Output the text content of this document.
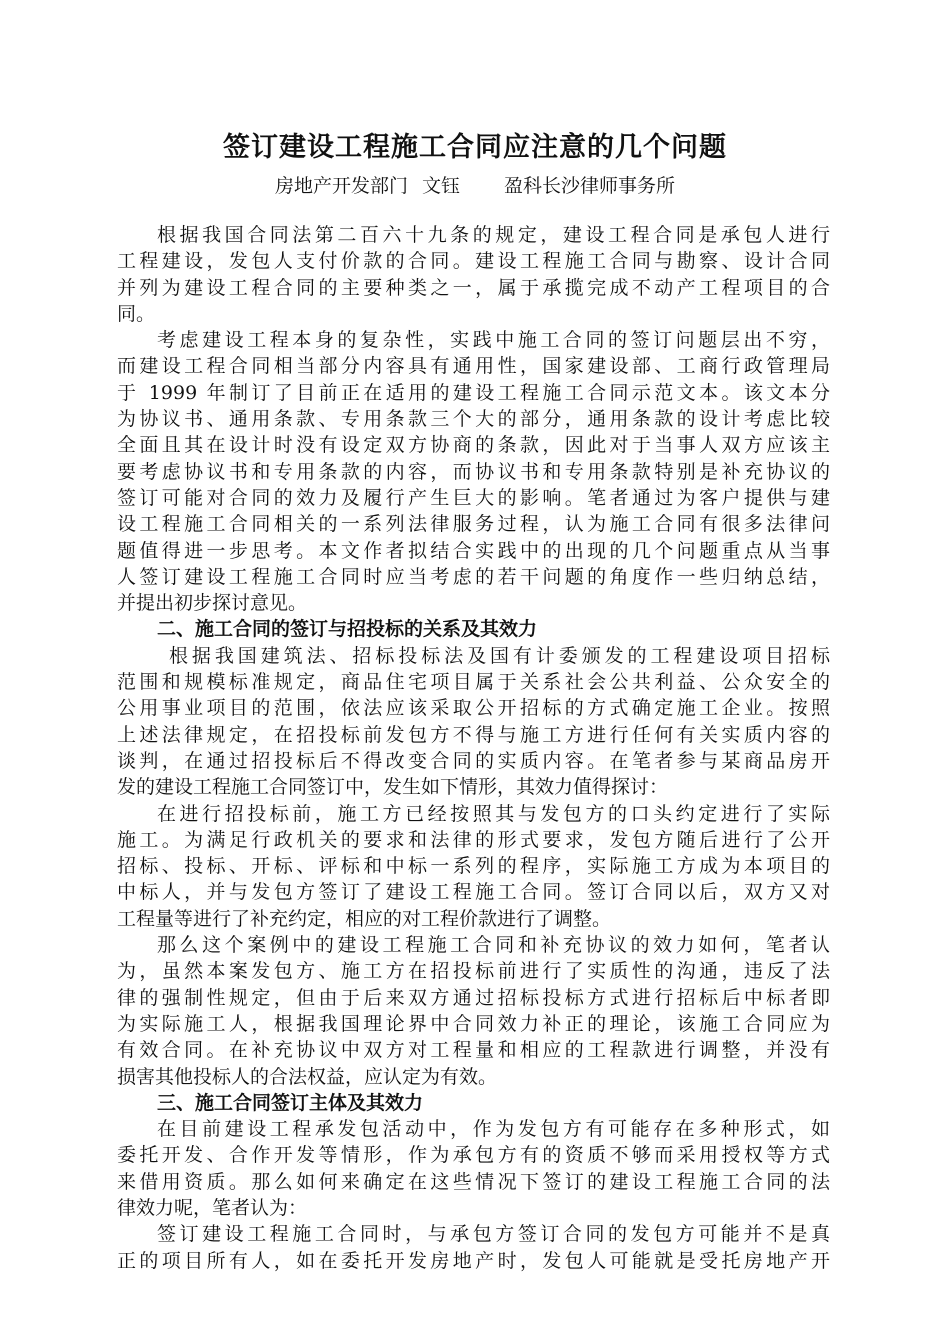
签订建设工程施工合同应注意的几个问题
房地产开发部门 文钰 盈科长沙律师事务所
根据我国合同法第二百六十九条的规定，建设工程合同是承包人进行
工程建设，发包人支付价款的合同。建设工程施工合同与勘察、设计合同
并列为建设工程合同的主要种类之一，属于承揽完成不动产工程项目的合
同。
考虑建设工程本身的复杂性，实践中施工合同的签订问题层出不穷，
而建设工程合同相当部分内容具有通用性，国家建设部、工商行政管理局
于 1999 年制订了目前正在适用的建设工程施工合同示范文本。该文本分
为协议书、通用条款、专用条款三个大的部分，通用条款的设计考虑比较
全面且其在设计时没有设定双方协商的条款，因此对于当事人双方应该主
要考虑协议书和专用条款的内容，而协议书和专用条款特别是补充协议的
签订可能对合同的效力及履行产生巨大的影响。笔者通过为客户提供与建
设工程施工合同相关的一系列法律服务过程，认为施工合同有很多法律问
题值得进一步思考。本文作者拟结合实践中的出现的几个问题重点从当事
人签订建设工程施工合同时应当考虑的若干问题的角度作一些归纳总结，
并提出初步探讨意见。
二、施工合同的签订与招投标的关系及其效力
根据我国建筑法、招标投标法及国有计委颁发的工程建设项目招标
范围和规模标准规定，商品住宅项目属于关系社会公共利益、公众安全的
公用事业项目的范围，依法应该采取公开招标的方式确定施工企业。按照
上述法律规定，在招投标前发包方不得与施工方进行任何有关实质内容的
谈判，在通过招投标后不得改变合同的实质内容。在笔者参与某商品房开
发的建设工程施工合同签订中，发生如下情形，其效力值得探讨：
在进行招投标前，施工方已经按照其与发包方的口头约定进行了实际
施工。为满足行政机关的要求和法律的形式要求，发包方随后进行了公开
招标、投标、开标、评标和中标一系列的程序，实际施工方成为本项目的
中标人，并与发包方签订了建设工程施工合同。签订合同以后，双方又对
工程量等进行了补充约定，相应的对工程价款进行了调整。
那么这个案例中的建设工程施工合同和补充协议的效力如何，笔者认
为，虽然本案发包方、施工方在招投标前进行了实质性的沟通，违反了法
律的强制性规定，但由于后来双方通过招标投标方式进行招标后中标者即
为实际施工人，根据我国理论界中合同效力补正的理论，该施工合同应为
有效合同。在补充协议中双方对工程量和相应的工程款进行调整，并没有
损害其他投标人的合法权益，应认定为有效。
三、施工合同签订主体及其效力
在目前建设工程承发包活动中，作为发包方有可能存在多种形式，如
委托开发、合作开发等情形，作为承包方有的资质不够而采用授权等方式
来借用资质。那么如何来确定在这些情况下签订的建设工程施工合同的法
律效力呢，笔者认为：
签订建设工程施工合同时，与承包方签订合同的发包方可能并不是真
正的项目所有人，如在委托开发房地产时，发包人可能就是受托房地产开
